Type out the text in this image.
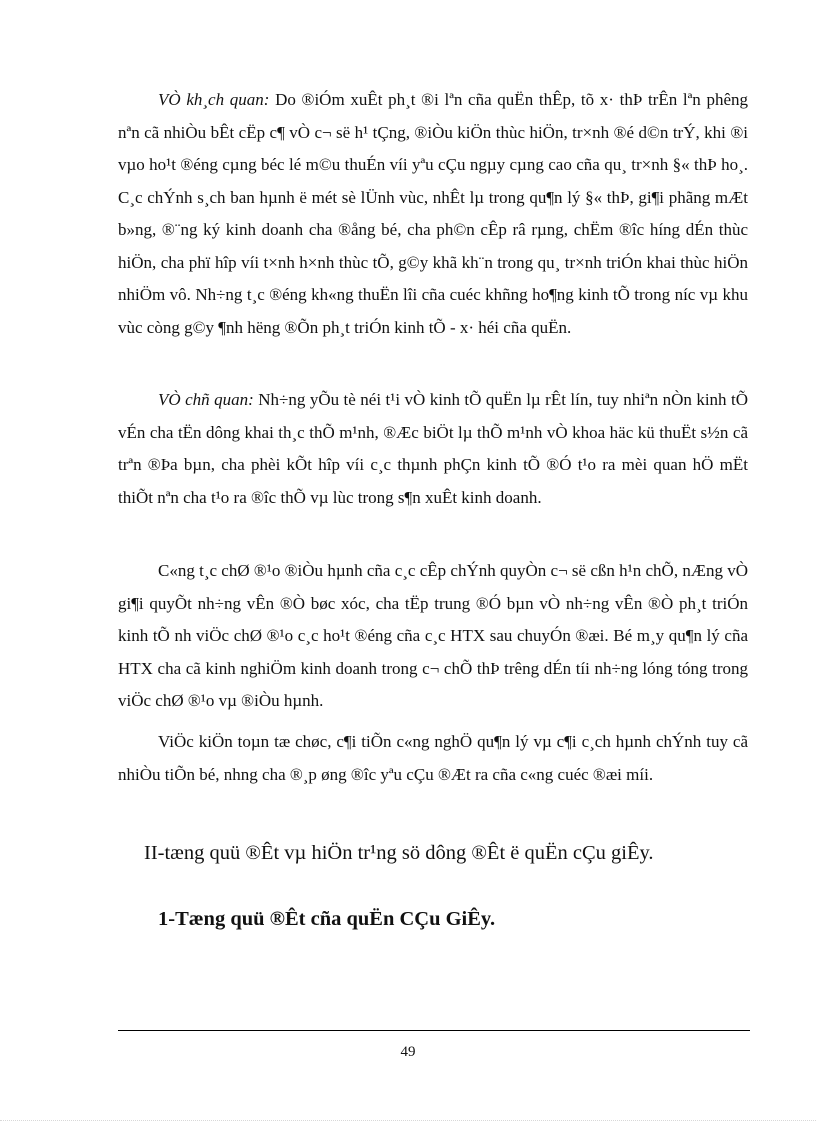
VÒ kh¸ch quan: Do ®iÓm xuÊt ph¸t ®i lªn cña quËn thÊp, tõ x· thÞ trÊn lªn phêng nªn cã nhiÒu bÊt cËp c¶ vÒ c¬ së h¹ tÇng, ®iÒu kiÖn thùc hiÖn, tr×nh ®é d©n trÝ, khi ®i vµo ho¹t ®éng cµng béc lé m©u thuÉn víi yªu cÇu ngµy cµng cao cña qu¸ tr×nh §« thÞ ho¸. C¸c chÝnh s¸ch ban hµnh ë mét sè lÜnh vùc, nhÊt lµ trong qu¶n lý §« thÞ, gi¶i phãng mÆt b»ng, ®¨ng ký kinh doanh cha ®ång bé, cha ph©n cÊp râ rµng, chËm ®îc híng dÉn thùc hiÖn, cha phï hîp víi t×nh h×nh thùc tÕ, g©y khã kh¨n trong qu¸ tr×nh triÓn khai thùc hiÖn nhiÖm vô. Nh÷ng t¸c ®éng kh«ng thuËn lîi cña cuéc khñng ho¶ng kinh tÕ trong níc vµ khu vùc còng g©y ¶nh hëng ®Õn ph¸t triÓn kinh tÕ - x· héi cña quËn.

VÒ chñ quan: Nh÷ng yÕu tè néi t¹i vÒ kinh tÕ quËn lµ rÊt lín, tuy nhiªn nÒn kinh tÕ vÉn cha tËn dông khai th¸c thÕ m¹nh, ®Æc biÖt lµ thÕ m¹nh vÒ khoa häc kü thuËt s½n cã trªn ®Þa bµn, cha phèi kÕt hîp víi c¸c thµnh phÇn kinh tÕ ®Ó t¹o ra mèi quan hÖ mËt thiÕt nªn cha t¹o ra ®îc thÕ vµ lùc trong s¶n xuÊt kinh doanh.

C«ng t¸c chØ ®¹o ®iÒu hµnh cña c¸c cÊp chÝnh quyÒn c¬ së cßn h¹n chÕ, nÆng vÒ gi¶i quyÕt nh÷ng vÊn ®Ò bøc xóc, cha tËp trung ®Ó bµn vÒ nh÷ng vÊn ®Ò ph¸t triÓn kinh tÕ nh viÖc chØ ®¹o c¸c ho¹t ®éng cña c¸c HTX sau chuyÓn ®æi. Bé m¸y qu¶n lý cña HTX cha cã kinh nghiÖm kinh doanh trong c¬ chÕ thÞ trêng dÉn tíi nh÷ng lóng tóng trong viÖc chØ ®¹o vµ ®iÒu hµnh.

ViÖc kiÖn toµn tæ chøc, c¶i tiÕn c«ng nghÖ qu¶n lý vµ c¶i c¸ch hµnh chÝnh tuy cã nhiÒu tiÕn bé, nhng cha ®¸p øng ®îc yªu cÇu ®Æt ra cña c«ng cuéc ®æi míi.

II-tæng quü ®Êt vµ hiÖn tr¹ng sö dông ®Êt ë quËn cÇu giÊy.

1-Tæng quü ®Êt cña quËn CÇu GiÊy.

49
